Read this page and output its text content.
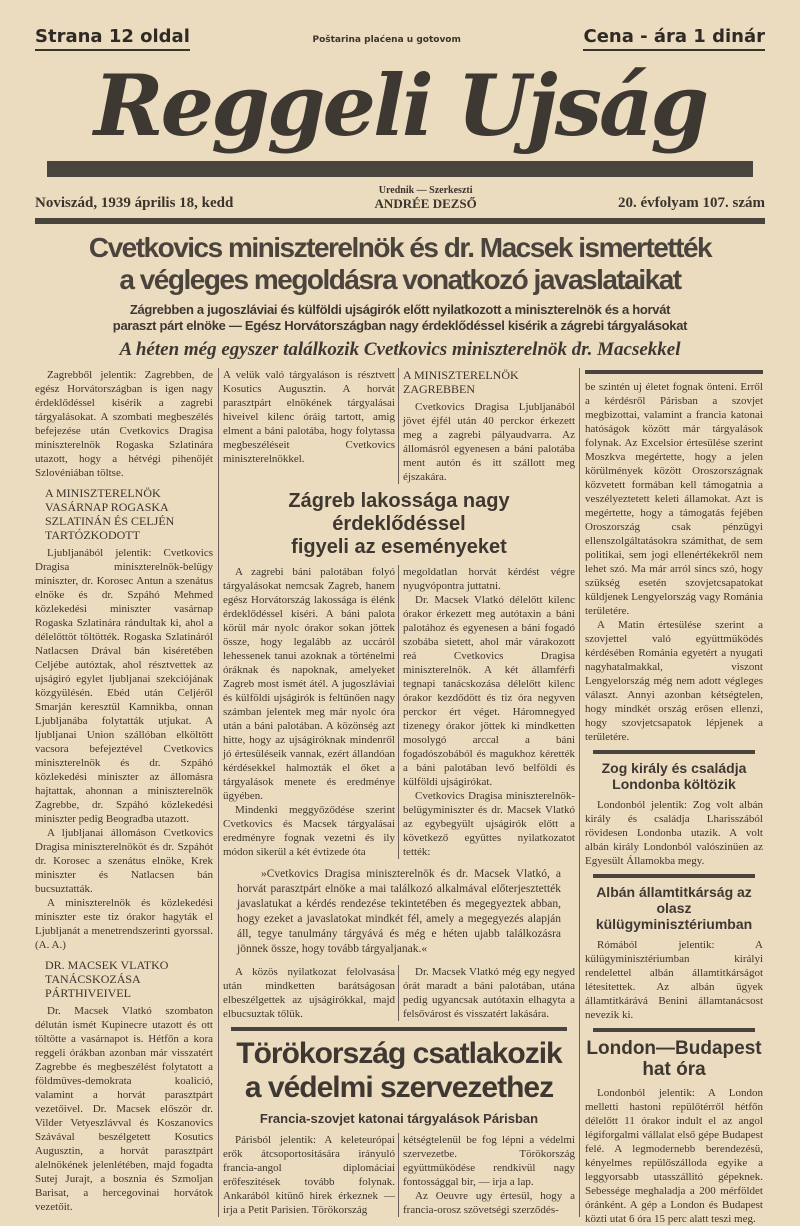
Strana 12 oldal	Poštarina plaćena u gotovom	Cena - ára 1 dinár
Reggeli Ujság
Noviszád, 1939 április 18, kedd
Urednik — Szerkeszti
ANDRÉE DEZSŐ	20. évfolyam 107. szám
Cvetkovics miniszterelnök és dr. Macsek ismertették
a végleges megoldásra vonatkozó javaslataikat
Zágrebben a jugoszláviai és külföldi ujságirók előtt nyilatkozott a miniszterelnök és a horvát
paraszt párt elnöke — Egész Horvátországban nagy érdeklődéssel kisérik a zágrebi tárgyalásokat
A héten még egyszer találkozik Cvetkovics miniszterelnök dr. Macsekkel

Zagrebből jelentik: Zagrebben, de egész Horvátországban is igen nagy érdeklődéssel kisérik a zagrebi tárgyalásokat. A szombati megbeszélés befejezése után Cvetkovics Dragisa miniszterelnök Rogaska Szlatinára utazott, hogy a hétvégi pihenőjét Szlovéniában töltse.

A MINISZTERELNÖK VASÁRNAP ROGASKA SZLATINÁN ÉS CELJÉN TARTÓZKODOTT

Ljubljanából jelentik: Cvetkovics Dragisa miniszterelnök-belügy miniszter, dr. Korosec Antun a szenátus elnöke és dr. Szpáhó Mehmed közlekedési miniszter vasárnap Rogaska Szlatinára rándultak ki, ahol a délelőttöt töltötték. Rogaska Szlatináról Natlacsen Drával bán kiséretében Celjébe autóztak, ahol résztvettek az ujságiró egylet ljubljanai szekciójának közgyülésén. Ebéd után Celjéről Smarján keresztül Kamnikba, onnan Ljubljanába folytatták utjukat. A ljubljanai Union szállóban elköltött vacsora befejeztével Cvetkovics miniszterelnök és dr. Szpáhó közlekedési miniszter az állomásra hajtattak, ahonnan a miniszterelnök Zagrebbe, dr. Szpáhó közlekedési miniszter pedig Beogradba utazott.

A ljubljanai állomáson Cvetkovics Dragisa miniszterelnököt és dr. Szpáhót dr. Korosec a szenátus elnöke, Krek miniszter és Natlacsen bán bucsuztatták.

A miniszterelnök és közlekedési miniszter este tiz órakor hagyták el Ljubljanát a menetrendszerinti gyorssal. (A. A.)

DR. MACSEK VLATKO TANÁCSKOZÁSA PÁRTHIVEIVEL

Dr. Macsek Vlatkó szombaton délután ismét Kupinecre utazott és ott töltötte a vasárnapot is. Hétfőn a kora reggeli órákban azonban már visszatért Zagrebbe és megbeszélést folytatott a földmüves-demokrata koalició, valamint a horvát parasztpárt vezetőivel. Dr. Macsek először dr. Vilder Vetyeszlávval és Koszanovics Szávával beszélgetett Kosutics Augusztin, a horvát parasztpárt alelnökének jelenlétében, majd fogadta Sutej Jurajt, a bosznia és Szmoljan Barisat, a hercegovinai horvátok vezetőit.

A velük való tárgyaláson is résztvett Kosutics Augusztin. A horvát parasztpárt elnökének tárgyalásai hiveivel kilenc óráig tartott, amig elment a báni palotába, hogy folytassa megbeszéléseit Cvetkovics miniszterelnökkel.

A MINISZTERELNÖK ZAGREBBEN

Cvetkovics Dragisa Ljubljanából jövet éjfél után 40 perckor érkezett meg a zagrebi pályaudvarra. Az állomásról egyenesen a báni palotába ment autón és itt szállott meg éjszakára.

Zágreb lakossága nagy érdeklődéssel
figyeli az eseményeket

A zagrebi báni palotában folyó tárgyalásokat nemcsak Zagreb, hanem egész Horvátország lakossága is élénk érdeklődéssel kiséri. A báni palota körül már nyolc órakor sokan jöttek össze, hogy legalább az uccáról lehessenek tanui azoknak a történelmi óráknak és napoknak, amelyeket Zagreb most ismét átél. A jugoszláviai és külföldi ujságirók is feltünően nagy számban jelentek meg már nyolc óra után a báni palotában. A közönség azt hitte, hogy az ujságiróknak mindenről jó értesüléseik vannak, ezért állandóan kérdésekkel halmozták el őket a tárgyalások menete és eredménye ügyében.

Mindenki meggyőződése szerint Cvetkovics és Macsek tárgyalásai eredményre fognak vezetni és ily módon sikerül a két évtizede óta

megoldatlan horvát kérdést végre nyugvópontra juttatni.

Dr. Macsek Vlatkó délelőtt kilenc órakor érkezett meg autótaxin a báni palotához és egyenesen a báni fogadó szobába sietett, ahol már várakozott reá Cvetkovics Dragisa miniszterelnök. A két államférfi tegnapi tanácskozása délelőtt kilenc órakor kezdődött és tiz óra negyven perckor ért véget. Háromnegyed tizenegy órakor jöttek ki mindketten mosolygó arccal a báni fogadószobából és magukhoz kérették a báni palotában levő belföldi és külföldi ujságirókat.

Cvetkovics Dragisa miniszterelnök-belügyminiszter és dr. Macsek Vlatkó az egybegyült ujságirók előtt a következő együttes nyilatkozatot tették:

»Cvetkovics Dragisa miniszterelnök és dr. Macsek Vlatkó, a horvát parasztpárt elnöke a mai találkozó alkalmával előterjesztették javaslatukat a kérdés rendezése tekintetében és megegyeztek abban, hogy ezeket a javaslatokat mindkét fél, amely a megegyezés alapján áll, tegye tanulmány tárgyává és még e héten ujabb találkozásra jönnek össze, hogy tovább tárgyaljanak.«

A közös nyilatkozat felolvasása után mindketten barátságosan elbeszélgettek az ujságirókkal, majd elbucsuztak tőlük.

Dr. Macsek Vlatkó még egy negyed órát maradt a báni palotában, utána pedig ugyancsak autótaxin elhagyta a felsővárost és visszatért lakására.

Törökország csatlakozik
a védelmi szervezethez
Francia-szovjet katonai tárgyalások Párisban

Párisból jelentik: A keleteurópai erők átcsoportositására irányuló francia-angol diplomáciai erőfeszitések tovább folynak. Ankarából kitünő hirek érkeznek — irja a Petit Parisien. Törökország

kétségtelenül be fog lépni a védelmi szervezetbe. Törökország együttmüködése rendkivül nagy fontossággal bir, — irja a lap.

Az Oeuvre ugy értesül, hogy a francia-orosz szövetségi szerződés-

be szintén uj életet fognak önteni. Erről a kérdésről Párisban a szovjet megbizottai, valamint a francia katonai hatóságok között már tárgyalások folynak. Az Excelsior értesülése szerint Moszkva megértette, hogy a jelen körülmények között Oroszországnak közvetett formában kell támogatnia a veszélyeztetett keleti államokat. Azt is megértette, hogy a támogatás fejében Oroszország csak pénzügyi ellenszolgáltatásokra számithat, de sem politikai, sem jogi ellenértékekről nem lehet szó. Ma már arról sincs szó, hogy szükség esetén szovjetcsapatokat küldjenek Lengyelország vagy Románia területére.

A Matin értesülése szerint a szovjettel való együttmüködés kérdésében Románia egyetért a nyugati nagyhatalmakkal, viszont Lengyelország még nem adott végleges választ. Annyi azonban kétségtelen, hogy mindkét ország erősen ellenzi, hogy szovjetcsapatok lépjenek a területére.

Zog király és családja Londonba költözik

Londonból jelentik: Zog volt albán király és családja Lharisszából rövidesen Londonba utazik. A volt albán király Londonból valószinüen az Egyesült Államokba megy.

Albán államtitkárság az olasz külügyminisztériumban

Rómából jelentik: A külügyminisztériumban királyi rendelettel albán államtitkárságot létesitettek. Az albán ügyek államtitkárává Benini államtanácsost nevezik ki.

London—Budapest hat óra

Londonból jelentik: A London melletti hastoni repülőtérről hétfőn délelőtt 11 órakor indult el az angol légiforgalmi vállalat első gépe Budapest felé. A legmodernebb berendezésü, kényelmes repülőszálloda egyike a leggyorsabb utasszállitó gépeknek. Sebessége meghaladja a 200 mérföldet óránként. A gép a London és Budapest közti utat 6 óra 15 perc alatt teszi meg.
